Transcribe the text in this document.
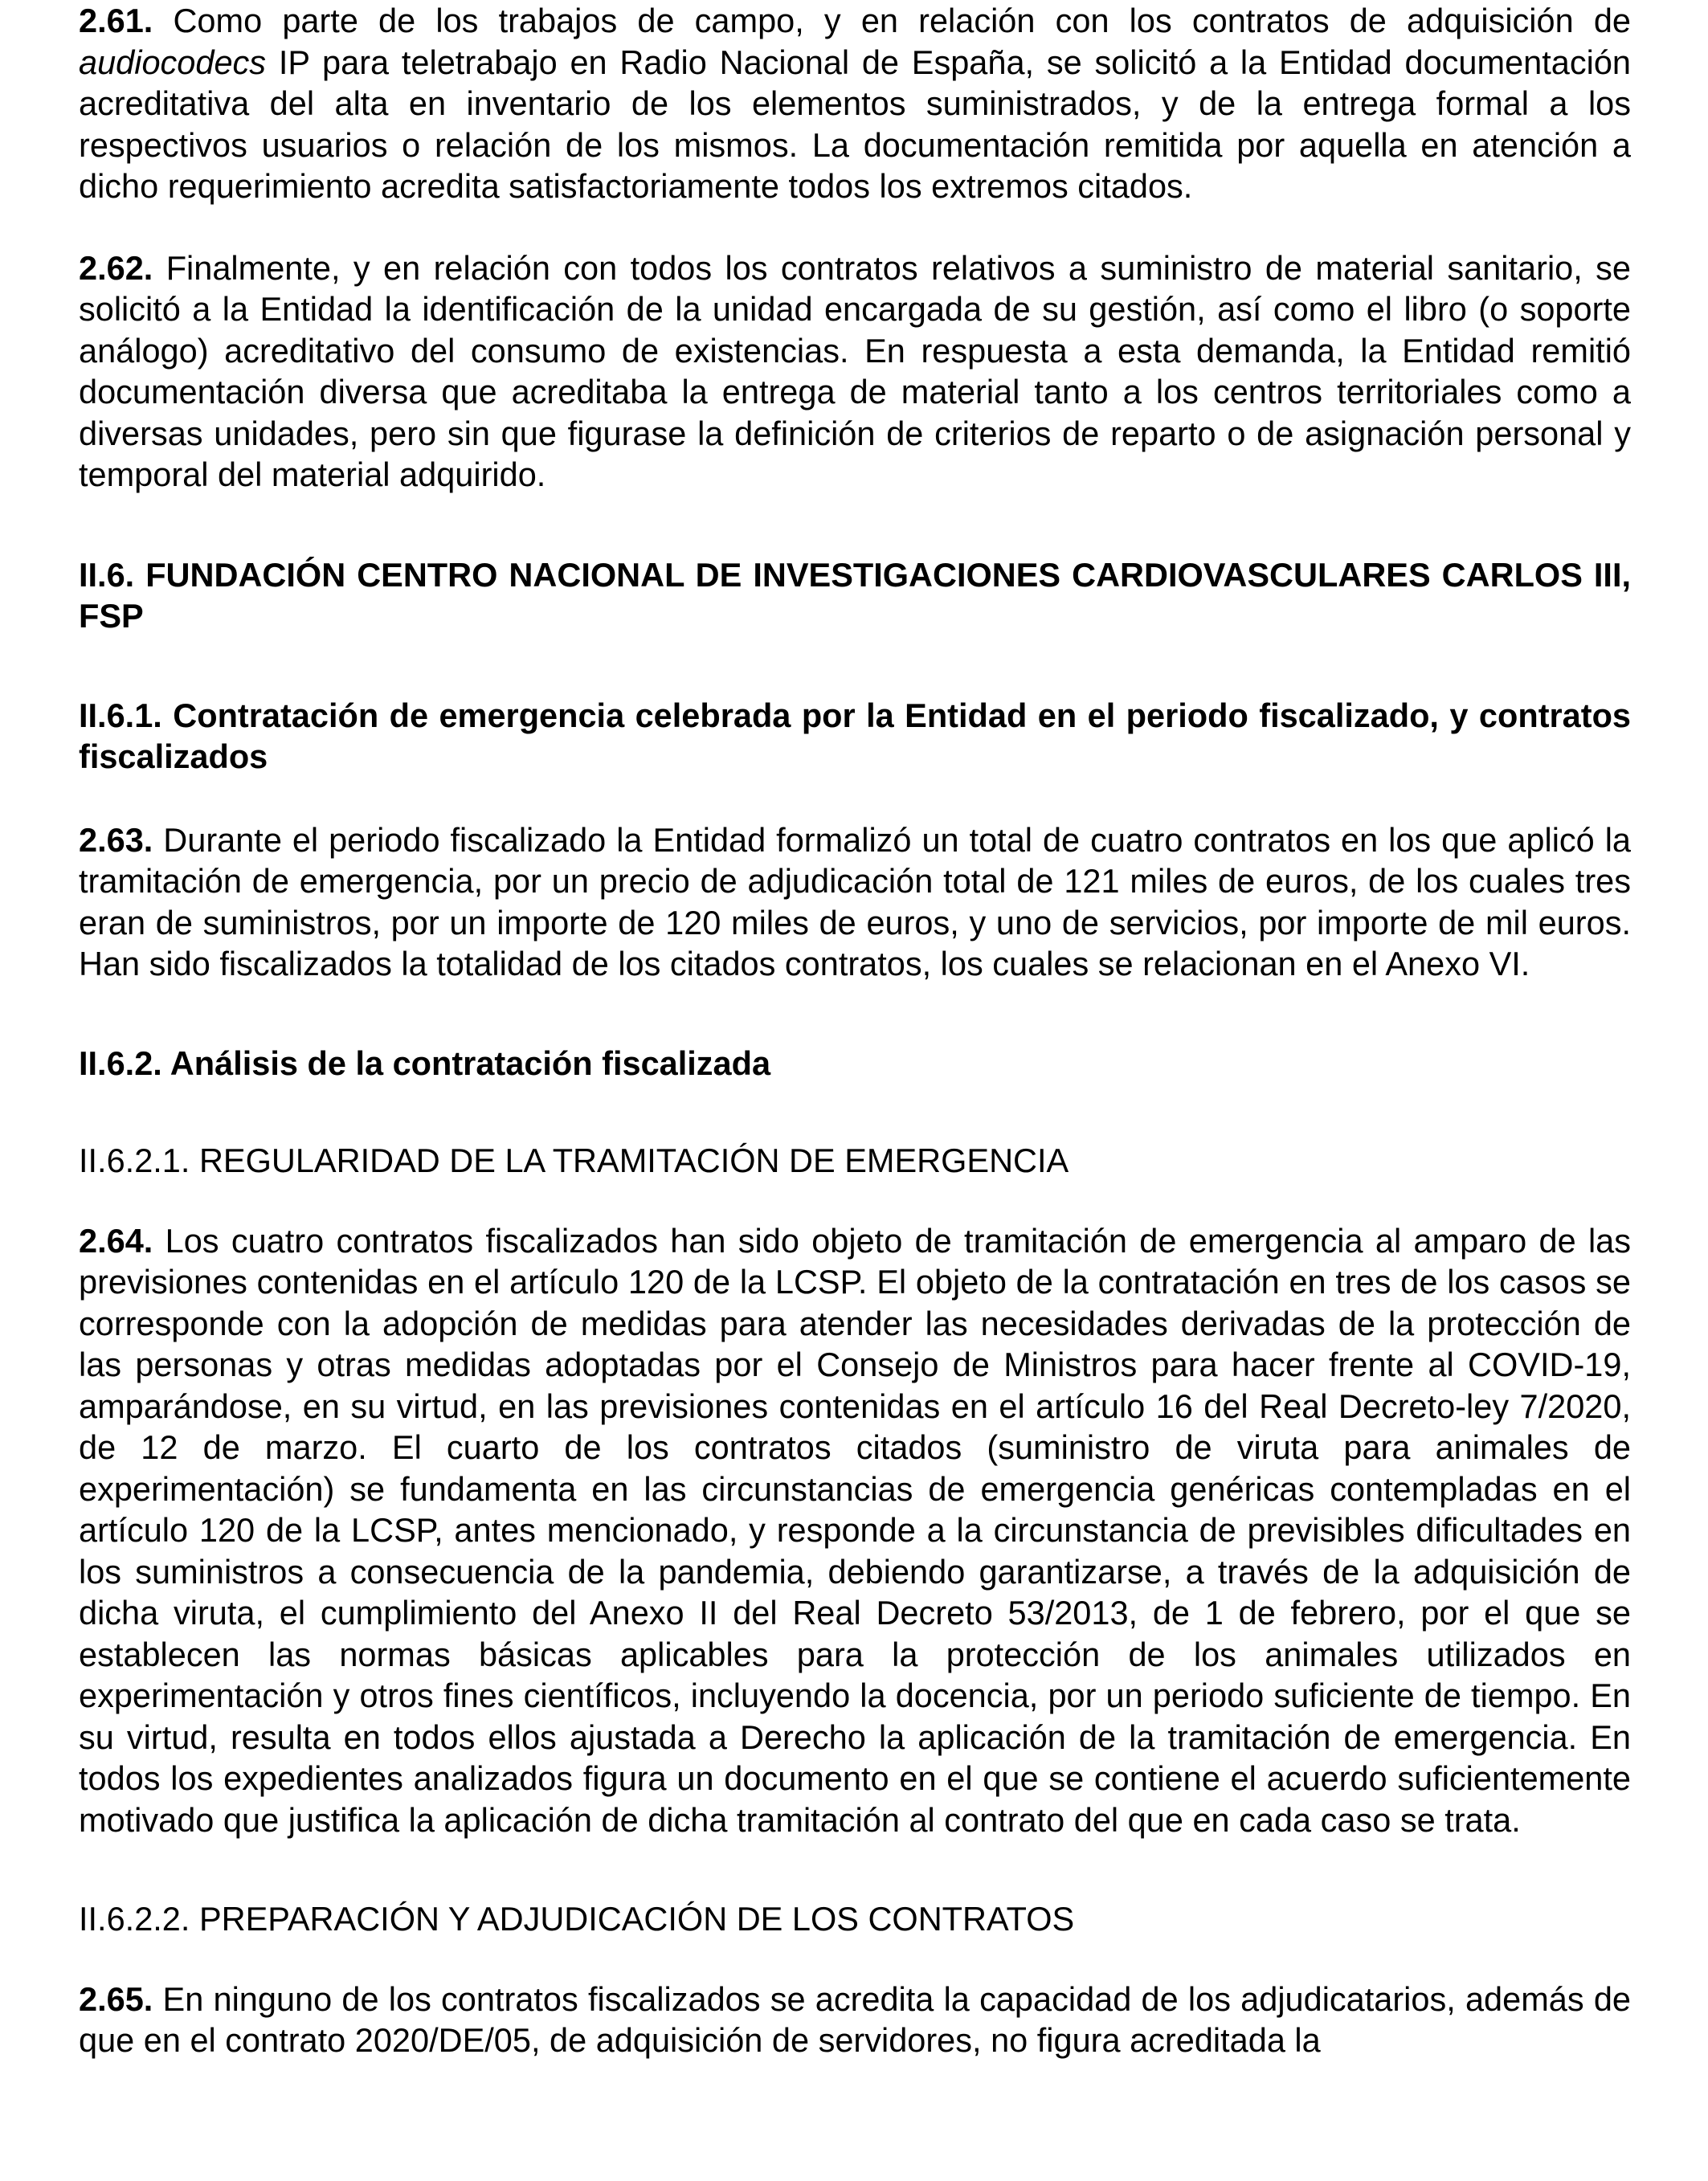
2.61. Como parte de los trabajos de campo, y en relación con los contratos de adquisición de audiocodecs IP para teletrabajo en Radio Nacional de España, se solicitó a la Entidad documentación acreditativa del alta en inventario de los elementos suministrados, y de la entrega formal a los respectivos usuarios o relación de los mismos. La documentación remitida por aquella en atención a dicho requerimiento acredita satisfactoriamente todos los extremos citados.

2.62. Finalmente, y en relación con todos los contratos relativos a suministro de material sanitario, se solicitó a la Entidad la identificación de la unidad encargada de su gestión, así como el libro (o soporte análogo) acreditativo del consumo de existencias. En respuesta a esta demanda, la Entidad remitió documentación diversa que acreditaba la entrega de material tanto a los centros territoriales como a diversas unidades, pero sin que figurase la definición de criterios de reparto o de asignación personal y temporal del material adquirido.

II.6. FUNDACIÓN CENTRO NACIONAL DE INVESTIGACIONES CARDIOVASCULARES CARLOS III, FSP

II.6.1. Contratación de emergencia celebrada por la Entidad en el periodo fiscalizado, y contratos fiscalizados

2.63. Durante el periodo fiscalizado la Entidad formalizó un total de cuatro contratos en los que aplicó la tramitación de emergencia, por un precio de adjudicación total de 121 miles de euros, de los cuales tres eran de suministros, por un importe de 120 miles de euros, y uno de servicios, por importe de mil euros. Han sido fiscalizados la totalidad de los citados contratos, los cuales se relacionan en el Anexo VI.

II.6.2. Análisis de la contratación fiscalizada

II.6.2.1. REGULARIDAD DE LA TRAMITACIÓN DE EMERGENCIA

2.64. Los cuatro contratos fiscalizados han sido objeto de tramitación de emergencia al amparo de las previsiones contenidas en el artículo 120 de la LCSP. El objeto de la contratación en tres de los casos se corresponde con la adopción de medidas para atender las necesidades derivadas de la protección de las personas y otras medidas adoptadas por el Consejo de Ministros para hacer frente al COVID-19, amparándose, en su virtud, en las previsiones contenidas en el artículo 16 del Real Decreto-ley 7/2020, de 12 de marzo. El cuarto de los contratos citados (suministro de viruta para animales de experimentación) se fundamenta en las circunstancias de emergencia genéricas contempladas en el artículo 120 de la LCSP, antes mencionado, y responde a la circunstancia de previsibles dificultades en los suministros a consecuencia de la pandemia, debiendo garantizarse, a través de la adquisición de dicha viruta, el cumplimiento del Anexo II del Real Decreto 53/2013, de 1 de febrero, por el que se establecen las normas básicas aplicables para la protección de los animales utilizados en experimentación y otros fines científicos, incluyendo la docencia, por un periodo suficiente de tiempo. En su virtud, resulta en todos ellos ajustada a Derecho la aplicación de la tramitación de emergencia. En todos los expedientes analizados figura un documento en el que se contiene el acuerdo suficientemente motivado que justifica la aplicación de dicha tramitación al contrato del que en cada caso se trata.

II.6.2.2. PREPARACIÓN Y ADJUDICACIÓN DE LOS CONTRATOS

2.65. En ninguno de los contratos fiscalizados se acredita la capacidad de los adjudicatarios, además de que en el contrato 2020/DE/05, de adquisición de servidores, no figura acreditada la
